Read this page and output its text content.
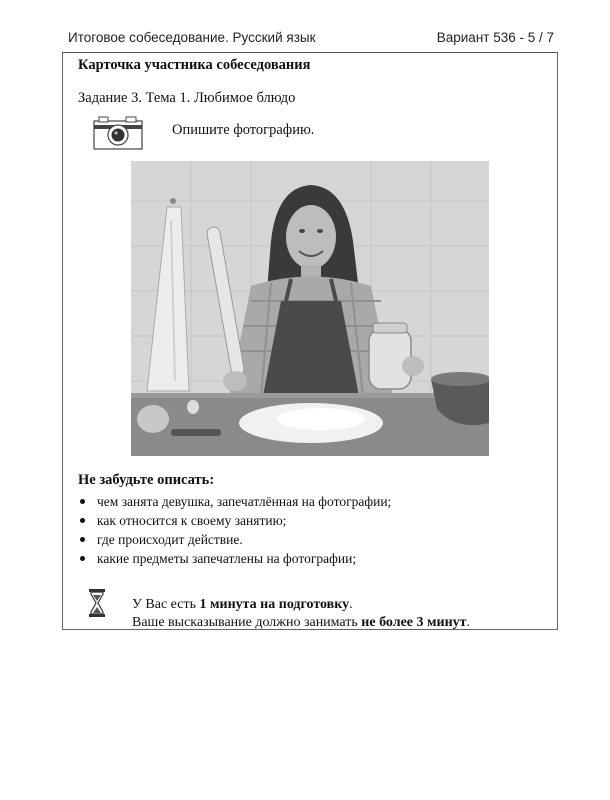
Итоговое собеседование. Русский язык	Вариант 536 - 5 / 7
Карточка участника собеседования
Задание 3. Тема 1. Любимое блюдо
Опишите фотографию.
Не забудьте описать:
чем занята девушка, запечатлённая на фотографии;
как относится к своему занятию;
где происходит действие.
какие предметы запечатлены на фотографии;
У Вас есть 1 минута на подготовку.
Ваше высказывание должно занимать не более 3 минут.
